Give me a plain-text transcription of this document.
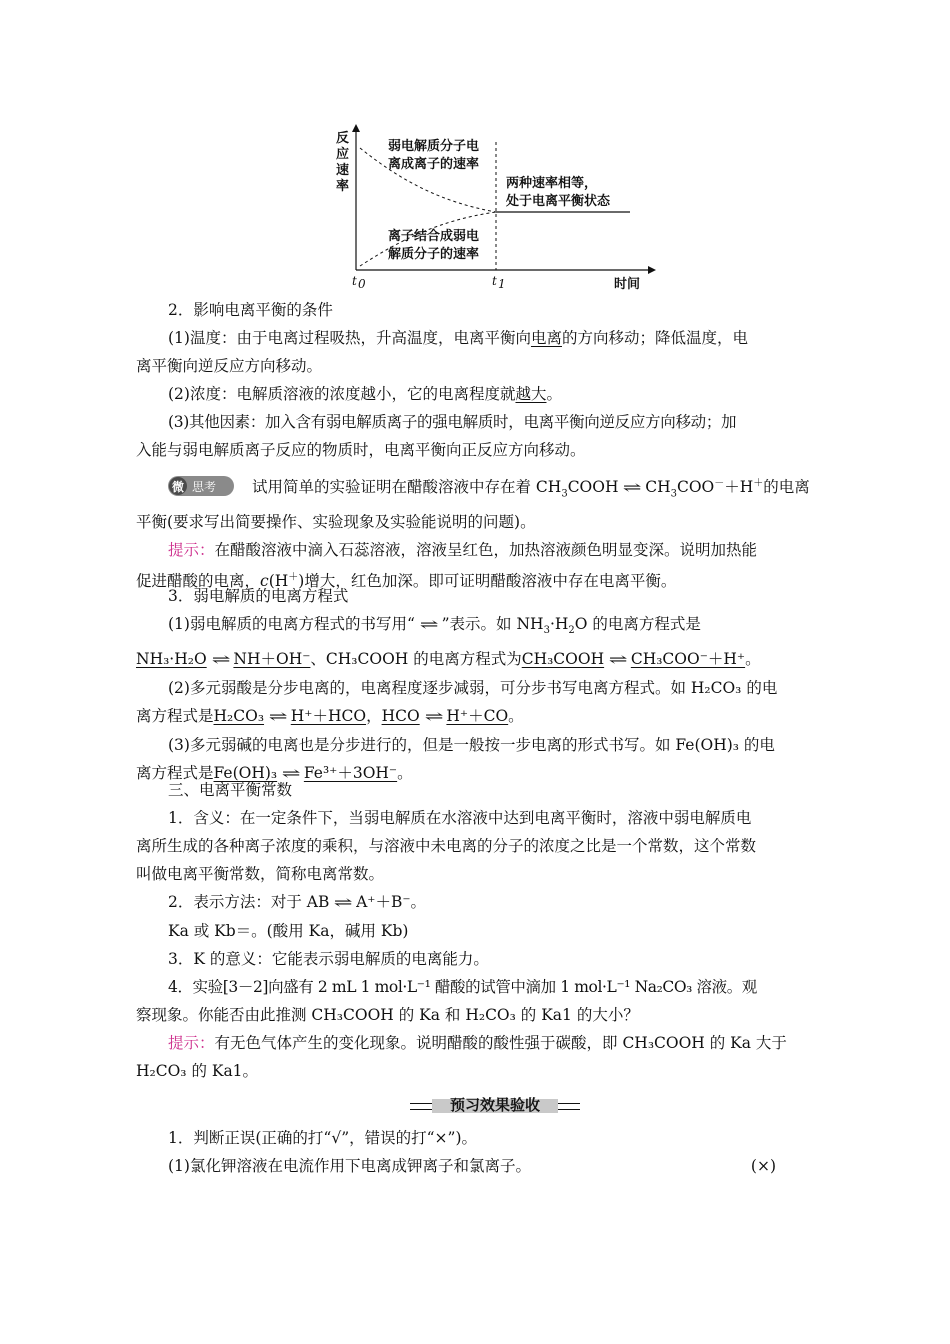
反
应
速
率
弱电解质分子电
离成离子的速率
两种速率相等，
处于电离平衡状态
离子结合成弱电
解质分子的速率
t 0	t 1	时间
2．影响电离平衡的条件
(1)温度：由于电离过程吸热，升高温度，电离平衡向电离的方向移动；降低温度，电
离平衡向逆反应方向移动。
(2)浓度：电解质溶液的浓度越小，它的电离程度就越大。
(3)其他因素：加入含有弱电解质离子的强电解质时，电离平衡向逆反应方向移动；加
入能与弱电解质离子反应的物质时，电离平衡向正反应方向移动。
微 思考 试用简单的实验证明在醋酸溶液中存在着 $CH_3COOH$ ⇌ $CH_3COO^-+H^+$的电离
平衡(要求写出简要操作、实验现象及实验能说明的问题)。
提示：在醋酸溶液中滴入石蕊溶液，溶液呈红色，加热溶液颜色明显变深。说明加热能
促进醋酸的电离，c(H＋)增大，红色加深。即可证明醋酸溶液中存在电离平衡。
3．弱电解质的电离方程式
(1)弱电解质的电离方程式的书写用“ ⇌ ”表示。如 $NH_3\cdot H_2O$ 的电离方程式是
NH₃·H₂O ⇌ NH＋OH⁻、CH₃COOH 的电离方程式为CH₃COOH ⇌ CH₃COO⁻＋H⁺。
(2)多元弱酸是分步电离的，电离程度逐步减弱，可分步书写电离方程式。如 H₂CO₃ 的电
离方程式是H₂CO₃ ⇌ H⁺＋HCO，HCO ⇌ H⁺＋CO。
(3)多元弱碱的电离也是分步进行的，但是一般按一步电离的形式书写。如 Fe(OH)₃ 的电
离方程式是Fe(OH)₃ ⇌ Fe³⁺＋3OH⁻。
三、电离平衡常数
1．含义：在一定条件下，当弱电解质在水溶液中达到电离平衡时，溶液中弱电解质电
离所生成的各种离子浓度的乘积，与溶液中未电离的分子的浓度之比是一个常数，这个常数
叫做电离平衡常数，简称电离常数。
2．表示方法：对于 AB ⇌ A⁺＋B⁻。
Ka 或 Kb＝。(酸用 Ka，碱用 Kb)
3．K 的意义：它能表示弱电解质的电离能力。
4．实验[3－2]向盛有 2 mL 1 mol·L⁻¹ 醋酸的试管中滴加 1 mol·L⁻¹ Na₂CO₃ 溶液。观
察现象。你能否由此推测 CH₃COOH 的 Ka 和 H₂CO₃ 的 Ka1 的大小？
提示：有无色气体产生的变化现象。说明醋酸的酸性强于碳酸，即 CH₃COOH 的 Ka 大于
H₂CO₃ 的 Ka1。
预习效果验收
1．判断正误(正确的打“√”，错误的打“×”)。
(1)氯化钾溶液在电流作用下电离成钾离子和氯离子。	(×)
